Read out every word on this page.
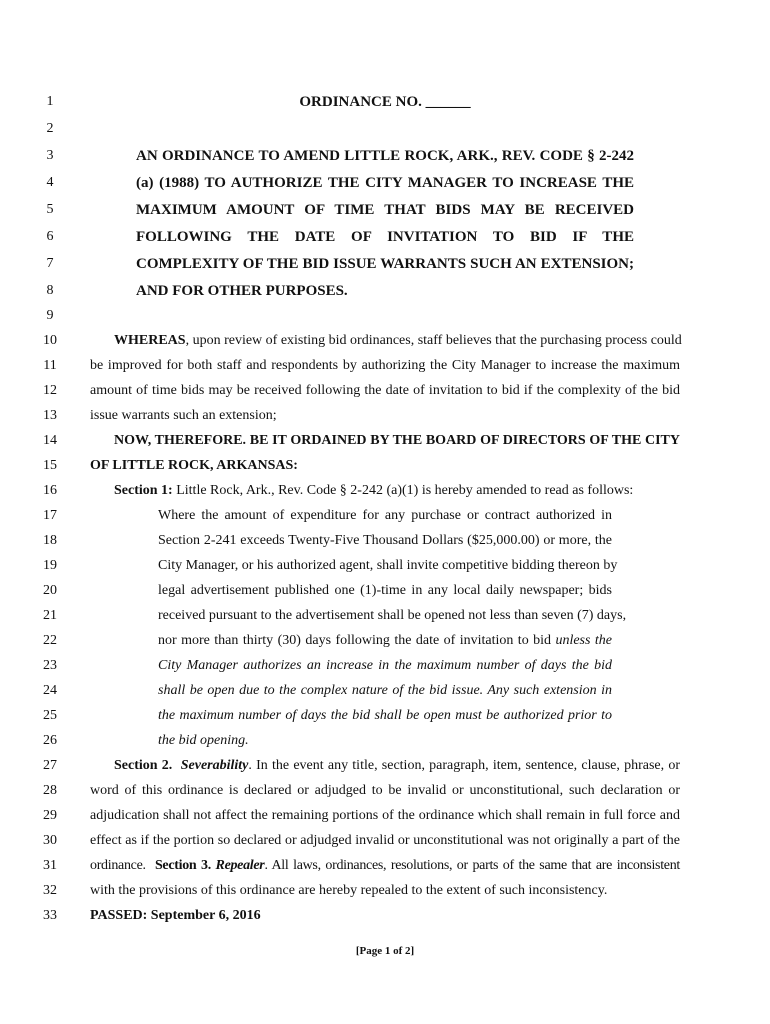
1
2
3
4
5
6
7
8
9
10
11
12
13
14
15
16
17
18
19
20
21
22
23
24
25
26
27
28
29
30
31
32
33
ORDINANCE NO. ______
AN ORDINANCE TO AMEND LITTLE ROCK, ARK., REV. CODE § 2-242
(a) (1988) TO AUTHORIZE THE CITY MANAGER TO INCREASE THE
MAXIMUM AMOUNT OF TIME THAT BIDS MAY BE RECEIVED
FOLLOWING THE DATE OF INVITATION TO BID IF THE
COMPLEXITY OF THE BID ISSUE WARRANTS SUCH AN EXTENSION;
AND FOR OTHER PURPOSES.
WHEREAS, upon review of existing bid ordinances, staff believes that the purchasing process could
be improved for both staff and respondents by authorizing the City Manager to increase the maximum
amount of time bids may be received following the date of invitation to bid if the complexity of the bid
issue warrants such an extension;
NOW, THEREFORE. BE IT ORDAINED BY THE BOARD OF DIRECTORS OF THE CITY
OF LITTLE ROCK, ARKANSAS:
Section 1: Little Rock, Ark., Rev. Code § 2-242 (a)(1) is hereby amended to read as follows:
Where the amount of expenditure for any purchase or contract authorized in
Section 2-241 exceeds Twenty-Five Thousand Dollars ($25,000.00) or more, the
City Manager, or his authorized agent, shall invite competitive bidding thereon by
legal advertisement published one (1)-time in any local daily newspaper; bids
received pursuant to the advertisement shall be opened not less than seven (7) days,
nor more than thirty (30) days following the date of invitation to bid unless the
City Manager authorizes an increase in the maximum number of days the bid
shall be open due to the complex nature of the bid issue. Any such extension in
the maximum number of days the bid shall be open must be authorized prior to
the bid opening.
Section 2. Severability. In the event any title, section, paragraph, item, sentence, clause, phrase, or
word of this ordinance is declared or adjudged to be invalid or unconstitutional, such declaration or
adjudication shall not affect the remaining portions of the ordinance which shall remain in full force and
effect as if the portion so declared or adjudged invalid or unconstitutional was not originally a part of the
ordinance. Section 3. Repealer. All laws, ordinances, resolutions, or parts of the same that are inconsistent
with the provisions of this ordinance are hereby repealed to the extent of such inconsistency.
PASSED: September 6, 2016
[Page 1 of 2]
